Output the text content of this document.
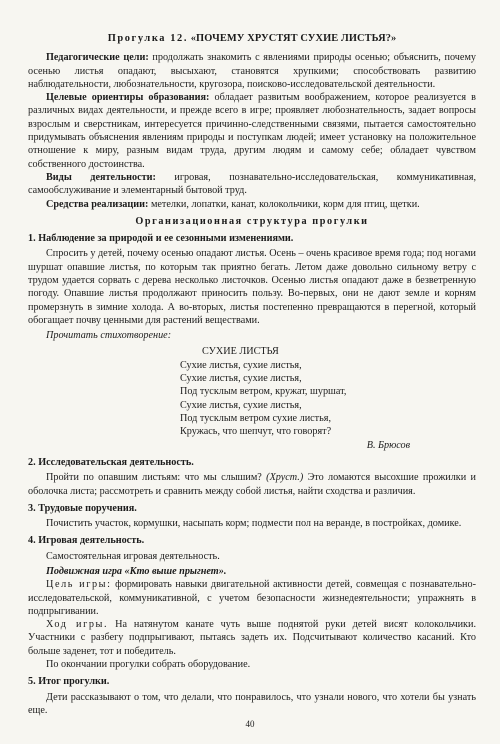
Прогулка 12. «ПОЧЕМУ ХРУСТЯТ СУХИЕ ЛИСТЬЯ?»

Педагогические цели: продолжать знакомить с явлениями природы осенью; объяснить, почему осенью листья опадают, высыхают, становятся хрупкими; способствовать развитию наблюдательности, любознательности, кругозора, поисково-исследовательской деятельности.

Целевые ориентиры образования: обладает развитым воображением, которое реализуется в различных видах деятельности, и прежде всего в игре; проявляет любознательность, задает вопросы взрослым и сверстникам, интересуется причинно-следственными связями, пытается самостоятельно придумывать объяснения явлениям природы и поступкам людей; имеет установку на положительное отношение к миру, разным видам труда, другим людям и самому себе; обладает чувством собственного достоинства.

Виды деятельности: игровая, познавательно-исследовательская, коммуникативная, самообслуживание и элементарный бытовой труд.

Средства реализации: метелки, лопатки, канат, колокольчики, корм для птиц, щетки.

Организационная структура прогулки

1. Наблюдение за природой и ее сезонными изменениями.

Спросить у детей, почему осенью опадают листья. Осень – очень красивое время года; под ногами шуршат опавшие листья, по которым так приятно бегать. Летом даже довольно сильному ветру с трудом удается сорвать с дерева несколько листочков. Осенью листья опадают даже в безветренную погоду. Опавшие листья продолжают приносить пользу. Во-первых, они не дают земле и корням промерзнуть в зимние холода. А во-вторых, листья постепенно превращаются в перегной, который обогащает почву ценными для растений веществами.

Прочитать стихотворение:

СУХИЕ ЛИСТЬЯ

Сухие листья, сухие листья,

Сухие листья, сухие листья,

Под тусклым ветром, кружат, шуршат,

Сухие листья, сухие листья,

Под тусклым ветром сухие листья,

Кружась, что шепчут, что говорят?

В. Брюсов

2. Исследовательская деятельность.

Пройти по опавшим листьям: что мы слышим? (Хруст.) Это ломаются высохшие прожилки и оболочка листа; рассмотреть и сравнить между собой листья, найти сходства и различия.

3. Трудовые поручения.

Почистить участок, кормушки, насыпать корм; подмести пол на веранде, в постройках, домике.

4. Игровая деятельность.

Самостоятельная игровая деятельность.

Подвижная игра «Кто выше прыгнет».

Цель игры: формировать навыки двигательной активности детей, совмещая с познавательно-исследовательской, коммуникативной, с учетом безопасности жизнедеятельности; упражнять в подпрыгивании.

Ход игры. На натянутом канате чуть выше поднятой руки детей висят колокольчики. Участники с разбегу подпрыгивают, пытаясь задеть их. Подсчитывают количество касаний. Кто больше заденет, тот и победитель.

По окончании прогулки собрать оборудование.

5. Итог прогулки.

Дети рассказывают о том, что делали, что понравилось, что узнали нового, что хотели бы узнать еще.

40
